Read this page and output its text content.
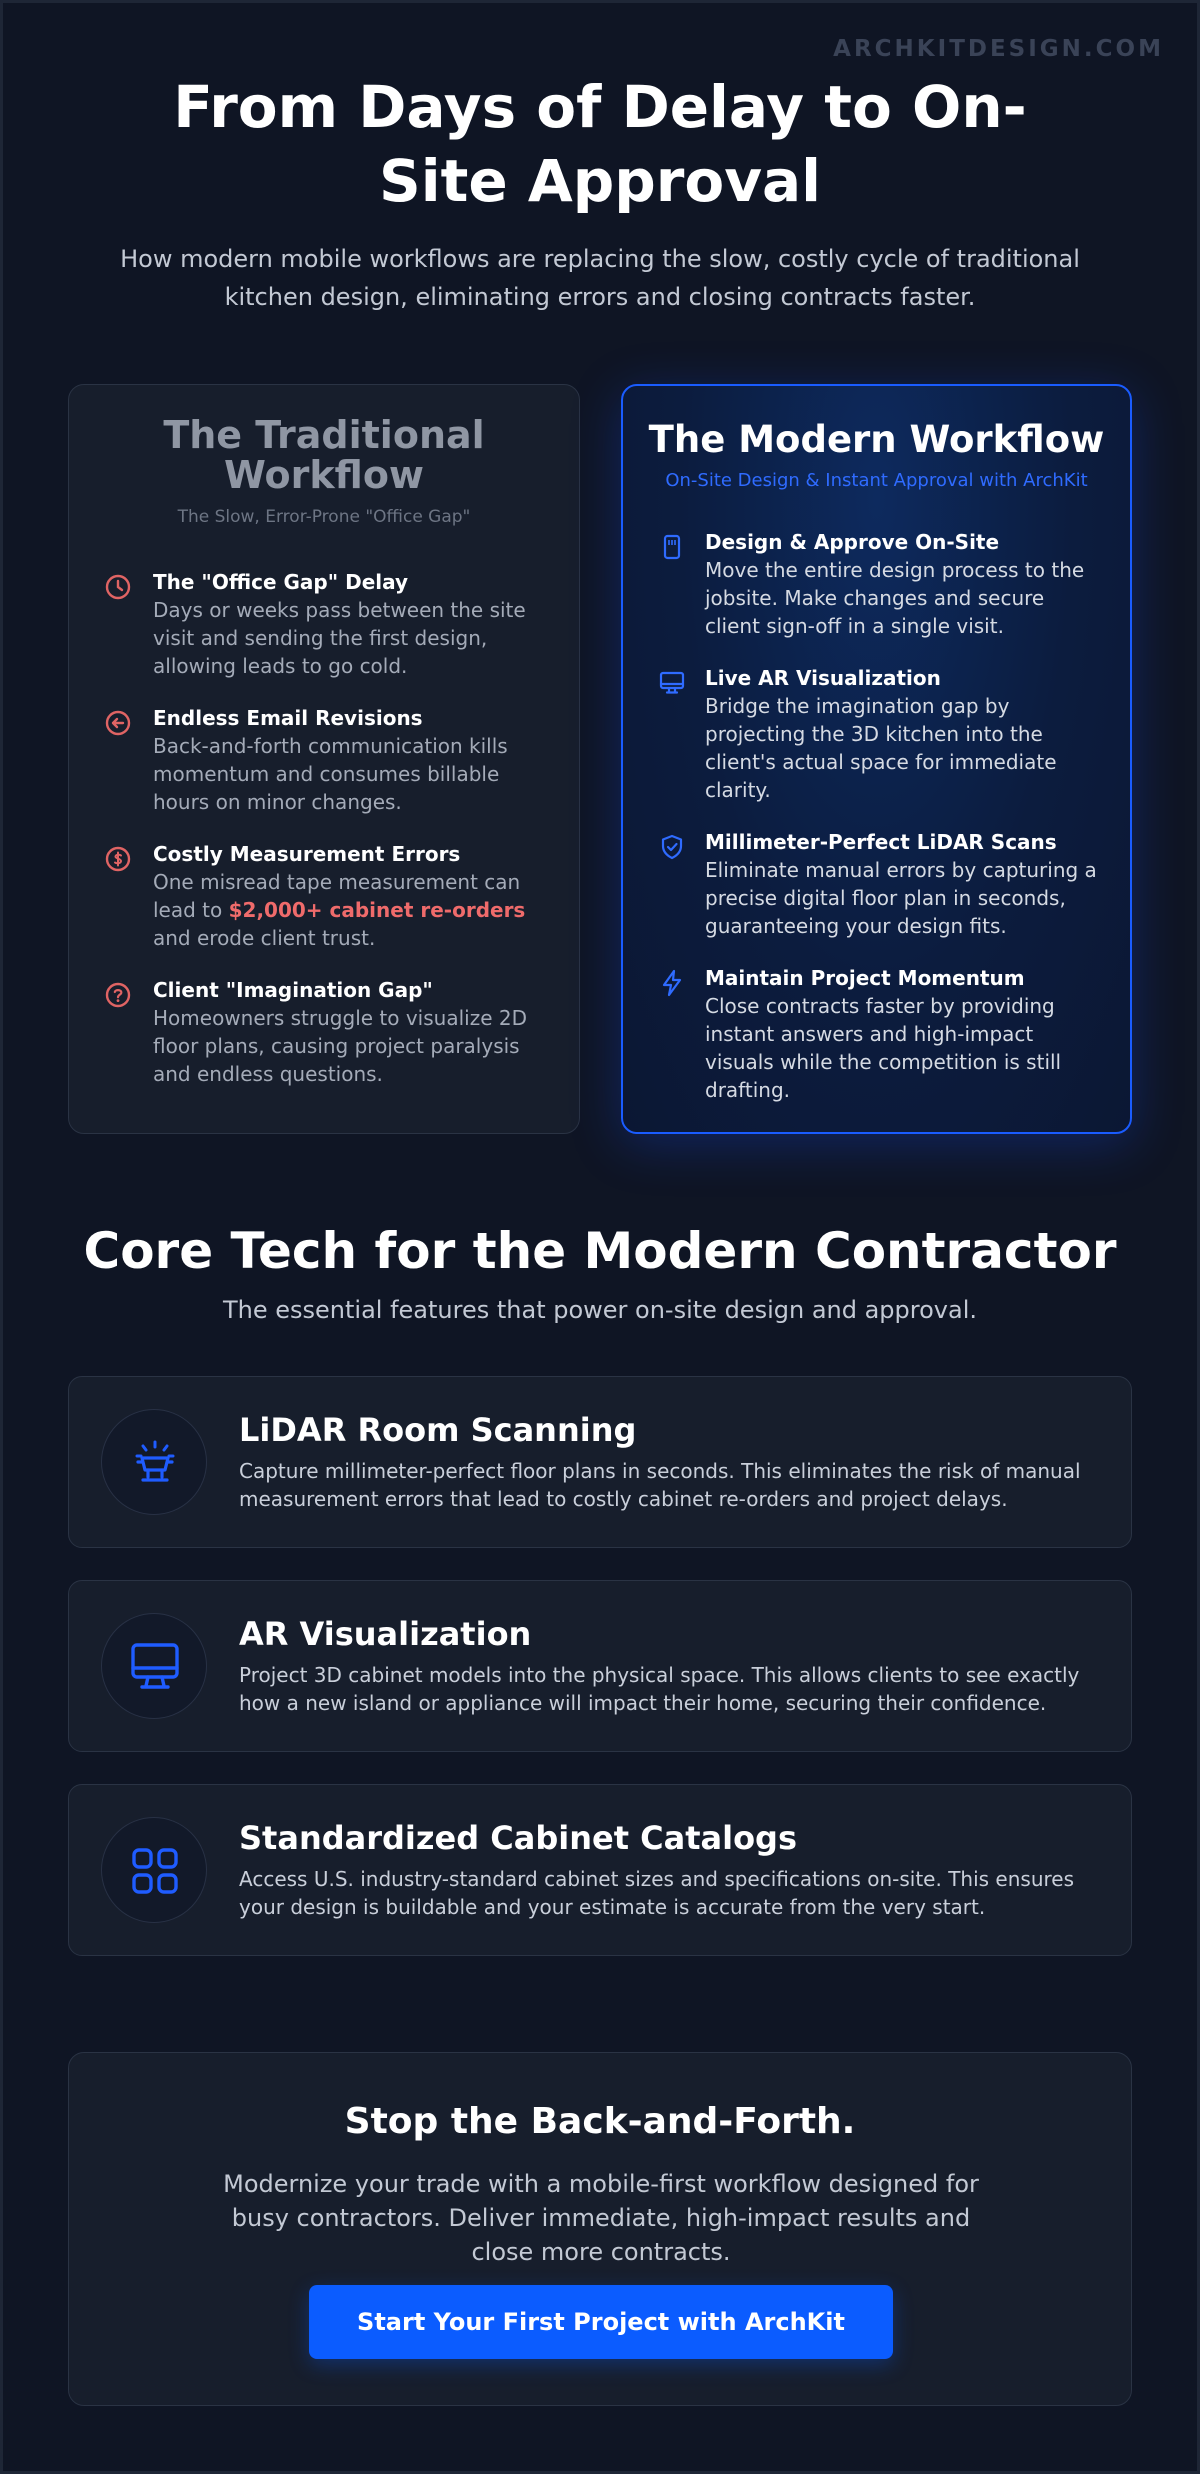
ARCHKITDESIGN.COM
From Days of Delay to On-
Site Approval

How modern mobile workflows are replacing the slow, costly cycle of traditional kitchen design, eliminating errors and closing contracts faster.

The Traditional Workflow
The Slow, Error-Prone "Office Gap"
The "Office Gap" Delay
Days or weeks pass between the site visit and sending the first design, allowing leads to go cold.
Endless Email Revisions
Back-and-forth communication kills momentum and consumes billable hours on minor changes.
Costly Measurement Errors
One misread tape measurement can lead to $2,000+ cabinet re-orders and erode client trust.
Client "Imagination Gap"
Homeowners struggle to visualize 2D floor plans, causing project paralysis and endless questions.
The Modern Workflow
On-Site Design & Instant Approval with ArchKit
Design & Approve On-Site
Move the entire design process to the jobsite. Make changes and secure client sign-off in a single visit.
Live AR Visualization
Bridge the imagination gap by projecting the 3D kitchen into the client's actual space for immediate clarity.
Millimeter-Perfect LiDAR Scans
Eliminate manual errors by capturing a precise digital floor plan in seconds, guaranteeing your design fits.
Maintain Project Momentum
Close contracts faster by providing instant answers and high-impact visuals while the competition is still drafting.
Core Tech for the Modern Contractor

The essential features that power on-site design and approval.

LiDAR Room Scanning
Capture millimeter-perfect floor plans in seconds. This eliminates the risk of manual measurement errors that lead to costly cabinet re-orders and project delays.
AR Visualization
Project 3D cabinet models into the physical space. This allows clients to see exactly how a new island or appliance will impact their home, securing their confidence.
Standardized Cabinet Catalogs
Access U.S. industry-standard cabinet sizes and specifications on-site. This ensures your design is buildable and your estimate is accurate from the very start.
Stop the Back-and-Forth.
Modernize your trade with a mobile-first workflow designed for busy contractors. Deliver immediate, high-impact results and close more contracts.
Start Your First Project with ArchKit
